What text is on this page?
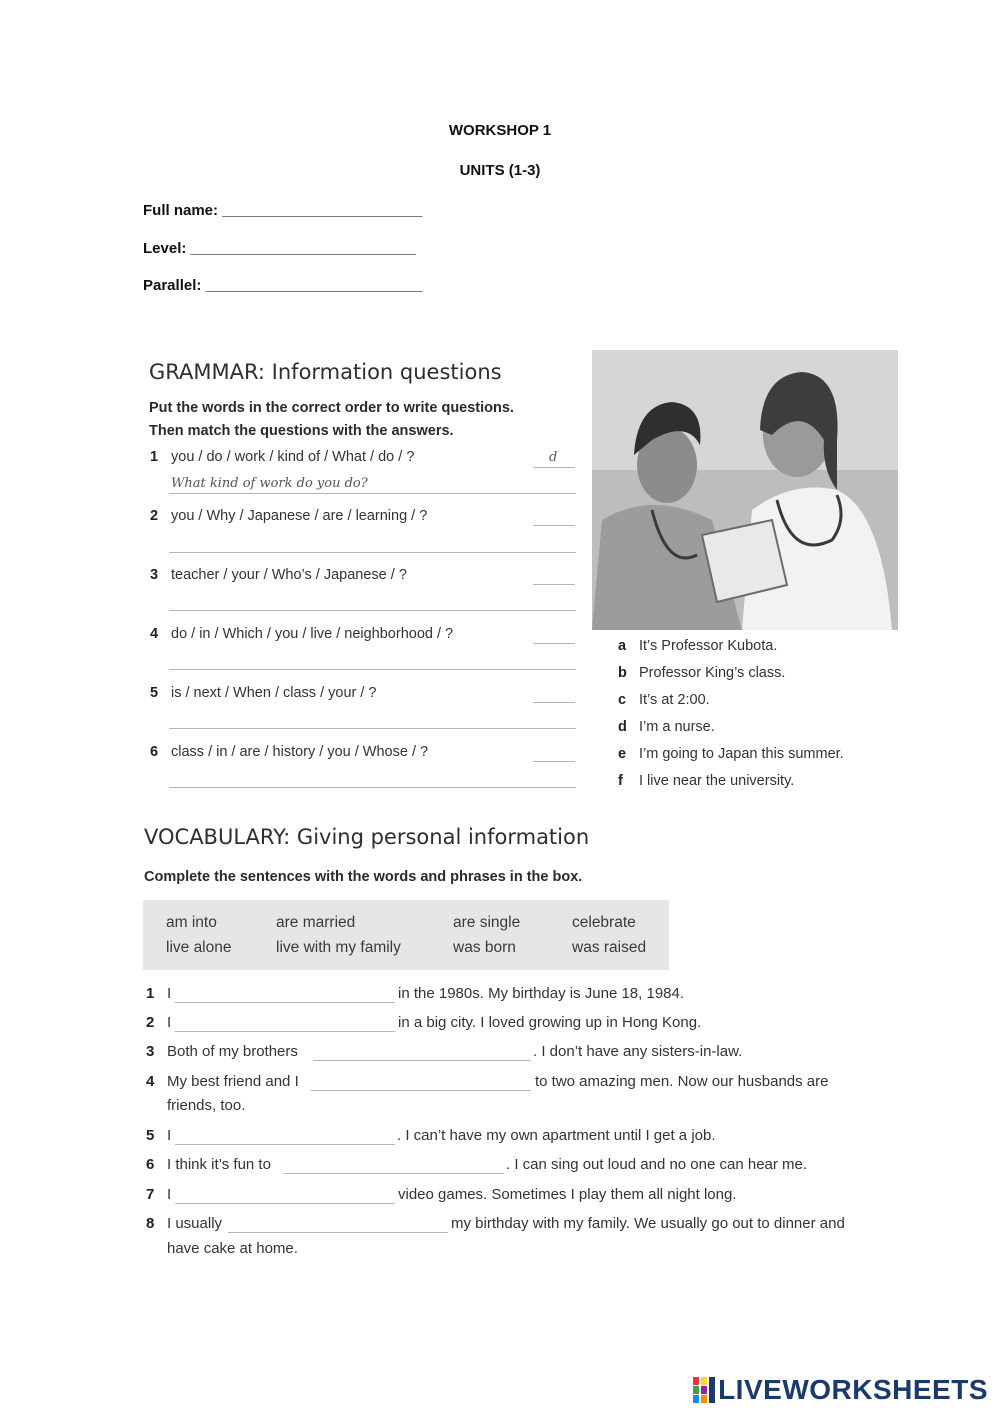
WORKSHOP 1
UNITS (1-3)
Full name: ________________________
Level: ___________________________
Parallel: __________________________
GRAMMAR: Information questions
Put the words in the correct order to write questions.
Then match the questions with the answers.
1 you / do / work / kind of / What / do / ?	d
What kind of work do you do?
2 you / Why / Japanese / are / learning / ?
3 teacher / your / Who’s / Japanese / ?
4 do / in / Which / you / live / neighborhood / ?
5 is / next / When / class / your / ?
6 class / in / are / history / you / Whose / ?
a It’s Professor Kubota.
b Professor King’s class.
c It’s at 2:00.
d I’m a nurse.
e I’m going to Japan this summer.
f I live near the university.
VOCABULARY: Giving personal information
Complete the sentences with the words and phrases in the box.
am into	are married	are single	celebrate
live alone	live with my family	was born	was raised
1 I	in the 1980s. My birthday is June 18, 1984.
2 I	in a big city. I loved growing up in Hong Kong.
3 Both of my brothers	. I don’t have any sisters-in-law.
4 My best friend and I	to two amazing men. Now our husbands are
friends, too.
5 I	. I can’t have my own apartment until I get a job.
6 I think it’s fun to	. I can sing out loud and no one can hear me.
7 I	video games. Sometimes I play them all night long.
8 I usually	my birthday with my family. We usually go out to dinner and
have cake at home.
LIVEWORKSHEETS
